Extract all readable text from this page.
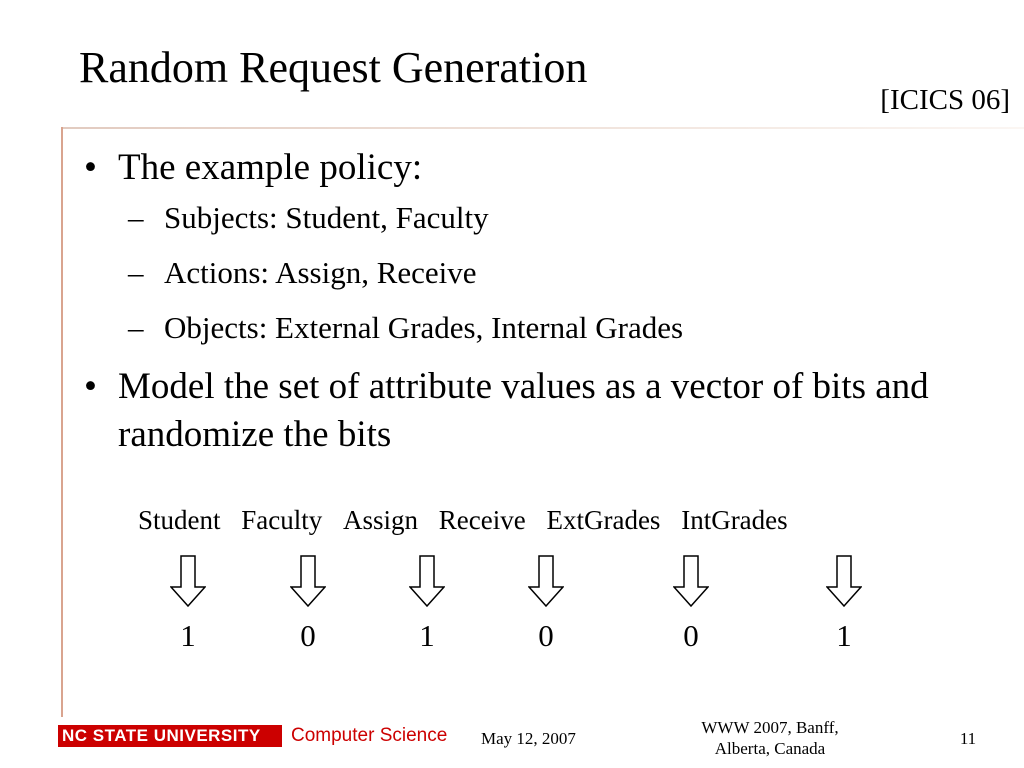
Random Request Generation
[ICICS 06]
• The example policy:
– Subjects: Student, Faculty
– Actions: Assign, Receive
– Objects: External Grades, Internal Grades
• Model the set of attribute values as a vector of bits and randomize the bits
Student Faculty Assign Receive ExtGrades IntGrades
1	0	1	0	0	1
NC STATE UNIVERSITY	Computer Science May 12, 2007
WWW 2007, Banff, Alberta, Canada
11
